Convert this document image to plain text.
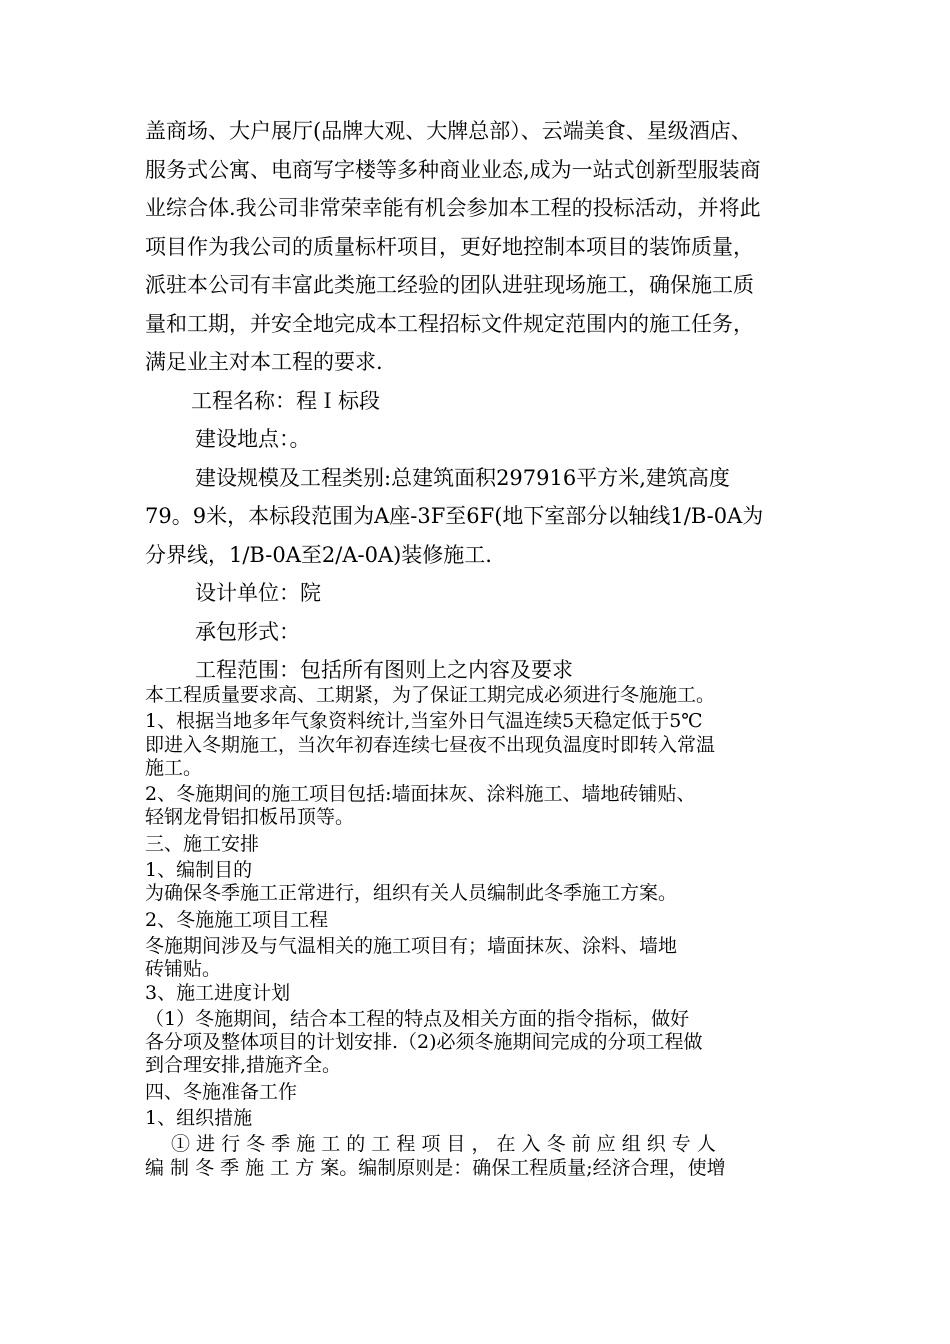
盖商场、大户展厅(品牌大观、大牌总部）、云端美食、星级酒店、

服务式公寓、电商写字楼等多种商业业态,成为一站式创新型服装商

业综合体.我公司非常荣幸能有机会参加本工程的投标活动，并将此

项目作为我公司的质量标杆项目，更好地控制本项目的装饰质量，

派驻本公司有丰富此类施工经验的团队进驻现场施工，确保施工质

量和工期，并安全地完成本工程招标文件规定范围内的施工任务，

满足业主对本工程的要求.

工程名称：程Ｉ标段

建设地点：。

建设规模及工程类别:总建筑面积297916平方米,建筑高度

79。9米，本标段范围为A座-3F至6F(地下室部分以轴线1/B-0A为

分界线，1/B-0A至2/A-0A)装修施工.

设计单位：院

承包形式：

工程范围：包括所有图则上之内容及要求

本工程质量要求高、工期紧，为了保证工期完成必须进行冬施施工。

1、根据当地多年气象资料统计,当室外日气温连续5天稳定低于5℃

即进入冬期施工，当次年初春连续七昼夜不出现负温度时即转入常温

施工。

2、冬施期间的施工项目包括:墙面抹灰、涂料施工、墙地砖铺贴、

轻钢龙骨铝扣板吊顶等。

三、施工安排

1、编制目的

为确保冬季施工正常进行，组织有关人员编制此冬季施工方案。

2、冬施施工项目工程

冬施期间涉及与气温相关的施工项目有；墙面抹灰、涂料、墙地

砖铺贴。

3、施工进度计划

（1）冬施期间，结合本工程的特点及相关方面的指令指标，做好

各分项及整体项目的计划安排.（2)必须冬施期间完成的分项工程做

到合理安排,措施齐全。

四、冬施准备工作

1、组织措施

① 进 行 冬 季 施 工 的 工 程 项 目 ， 在 入 冬 前 应 组 织 专 人

编 制 冬 季 施 工 方 案。编制原则是：确保工程质量;经济合理，使增
